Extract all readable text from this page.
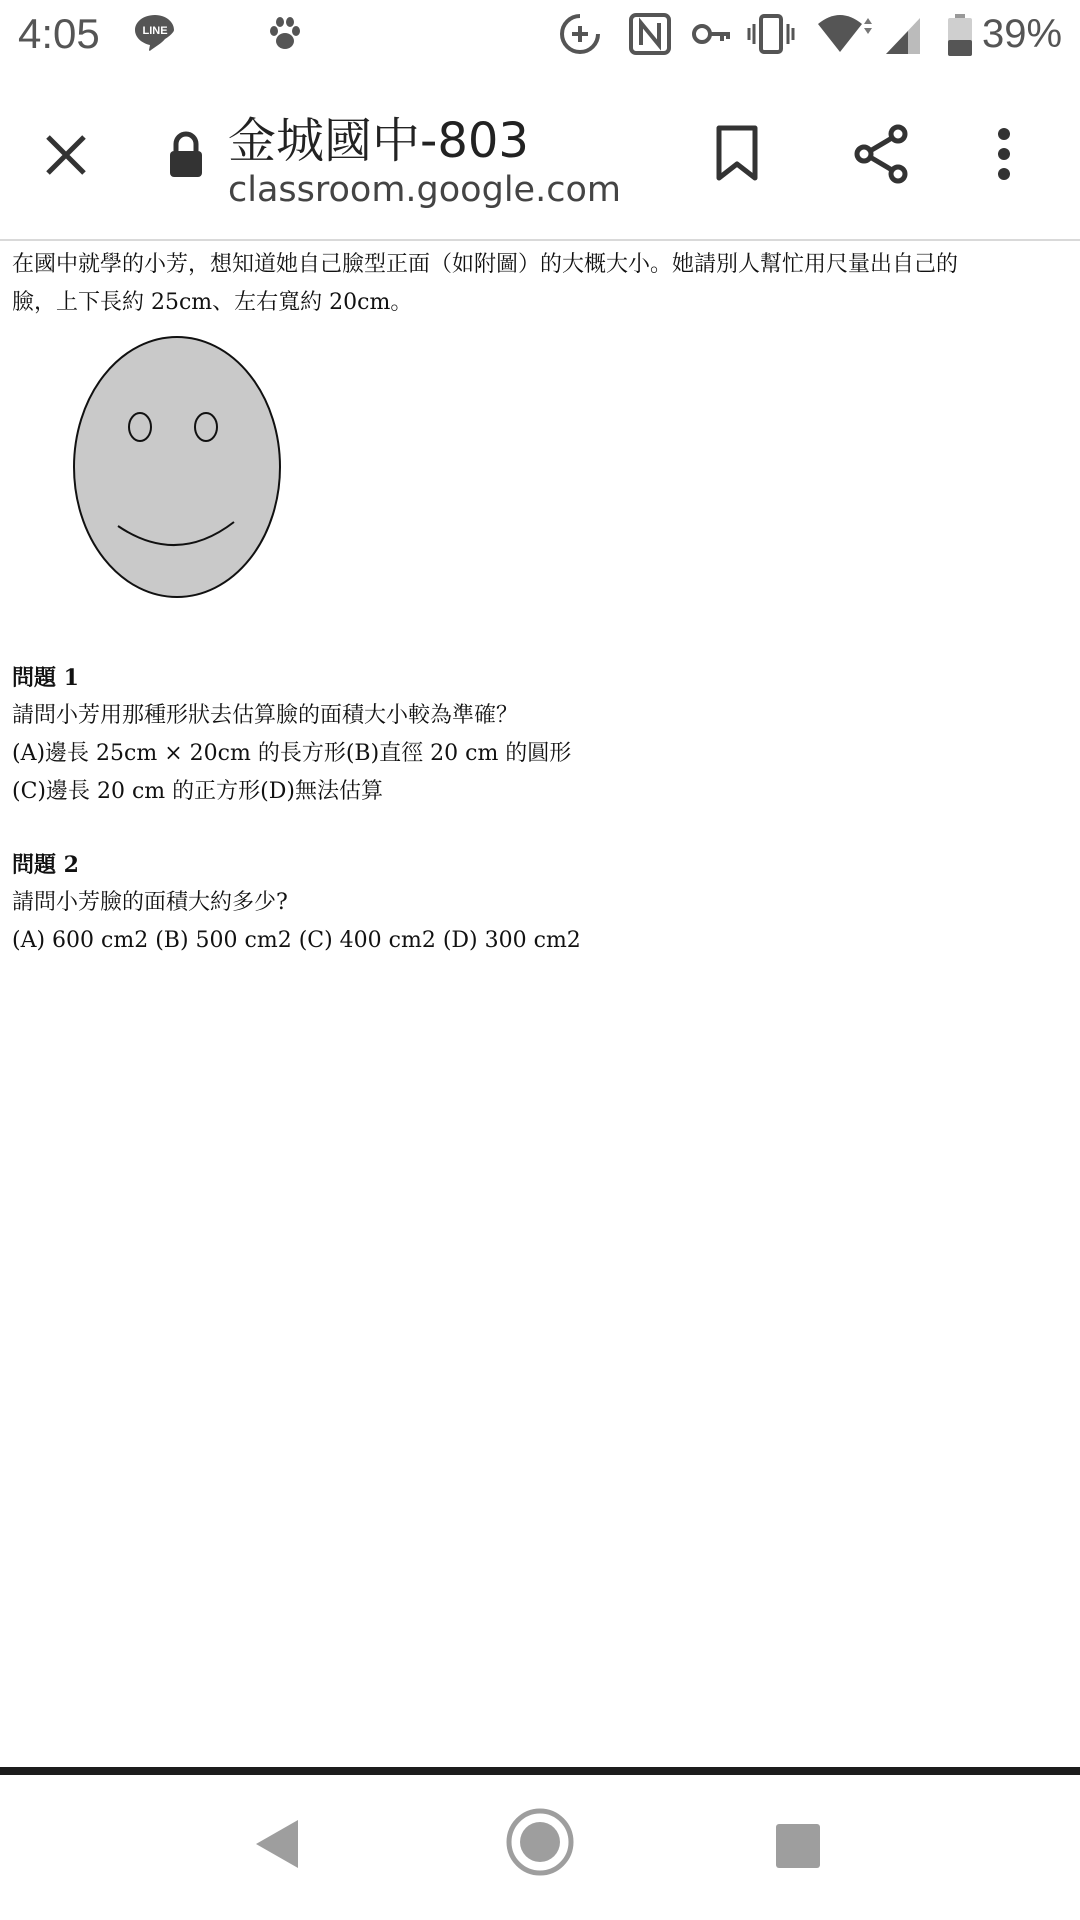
4:05	LINE	39%
金城國中-803
classroom.google.com

在國中就學的小芳，想知道她自己臉型正面（如附圖）的大概大小。她請別人幫忙用尺量出自己的

臉，上下長約 25cm、左右寬約 20cm。

問題 1
請問小芳用那種形狀去估算臉的面積大小較為準確？
(A)邊長 25cm × 20cm 的長方形(B)直徑 20 cm 的圓形
(C)邊長 20 cm 的正方形(D)無法估算
問題 2
請問小芳臉的面積大約多少?
(A) 600 cm2 (B) 500 cm2 (C) 400 cm2 (D) 300 cm2
